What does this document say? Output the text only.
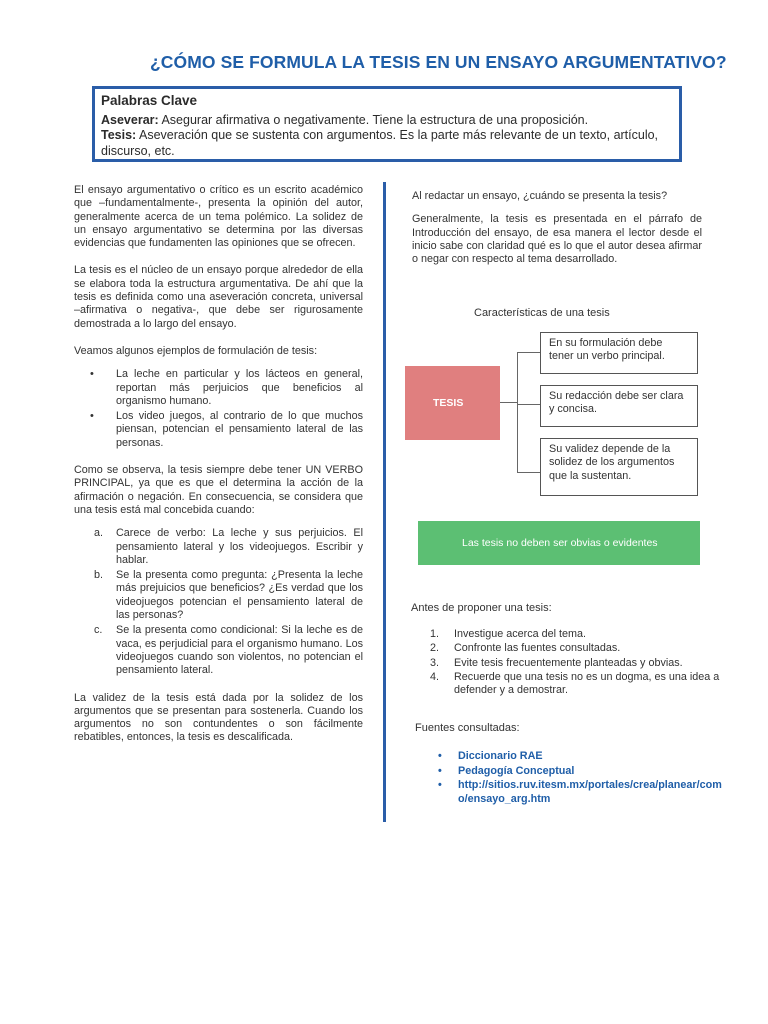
¿CÓMO SE FORMULA LA TESIS EN UN ENSAYO ARGUMENTATIVO?
Palabras Clave
Aseverar: Asegurar afirmativa o negativamente. Tiene la estructura de una proposición.
Tesis: Aseveración que se sustenta con argumentos. Es la parte más relevante de un texto, artículo, discurso, etc.

El ensayo argumentativo o crítico es un escrito académico que –fundamentalmente-, presenta la opinión del autor, generalmente acerca de un tema polémico. La solidez de un ensayo argumentativo se determina por las diversas evidencias que fundamenten las opiniones que se ofrecen.

La tesis es el núcleo de un ensayo porque alrededor de ella se elabora toda la estructura argumentativa. De ahí que la tesis es definida como una aseveración concreta, universal –afirmativa o negativa-, que debe ser rigurosamente demostrada a lo largo del ensayo.

Veamos algunos ejemplos de formulación de tesis:

• La leche en particular y los lácteos en general, reportan más perjuicios que beneficios al organismo humano.
• Los video juegos, al contrario de lo que muchos piensan, potencian el pensamiento lateral de las personas.

Como se observa, la tesis siempre debe tener UN VERBO PRINCIPAL, ya que es que el determina la acción de la afirmación o negación. En consecuencia, se considera que una tesis está mal concebida cuando:

a. Carece de verbo: La leche y sus perjuicios. El pensamiento lateral y los videojuegos. Escribir y hablar.
b. Se la presenta como pregunta: ¿Presenta la leche más prejuicios que beneficios? ¿Es verdad que los videojuegos potencian el pensamiento lateral de las personas?
c. Se la presenta como condicional: Si la leche es de vaca, es perjudicial para el organismo humano. Los videojuegos cuando son violentos, no potencian el pensamiento lateral.

La validez de la tesis está dada por la solidez de los argumentos que se presentan para sostenerla. Cuando los argumentos no son contundentes o son fácilmente rebatibles, entonces, la tesis es descalificada.

Al redactar un ensayo, ¿cuándo se presenta la tesis?

Generalmente, la tesis es presentada en el párrafo de Introducción del ensayo, de esa manera el lector desde el inicio sabe con claridad qué es lo que el autor desea afirmar o negar con respecto al tema desarrollado.

Características de una tesis
TESIS
En su formulación debe tener un verbo principal.
Su redacción debe ser clara y concisa.
Su validez depende de la solidez de los argumentos que la sustentan.
Las tesis no deben ser obvias o evidentes
Antes de proponer una tesis:
1. Investigue acerca del tema.
2. Confronte las fuentes consultadas.
3. Evite tesis frecuentemente planteadas y obvias.
4. Recuerde que una tesis no es un dogma, es una idea a defender y a demostrar.
Fuentes consultadas:
• Diccionario RAE
• Pedagogía Conceptual
• http://sitios.ruv.itesm.mx/portales/crea/planear/como/ensayo_arg.htm
